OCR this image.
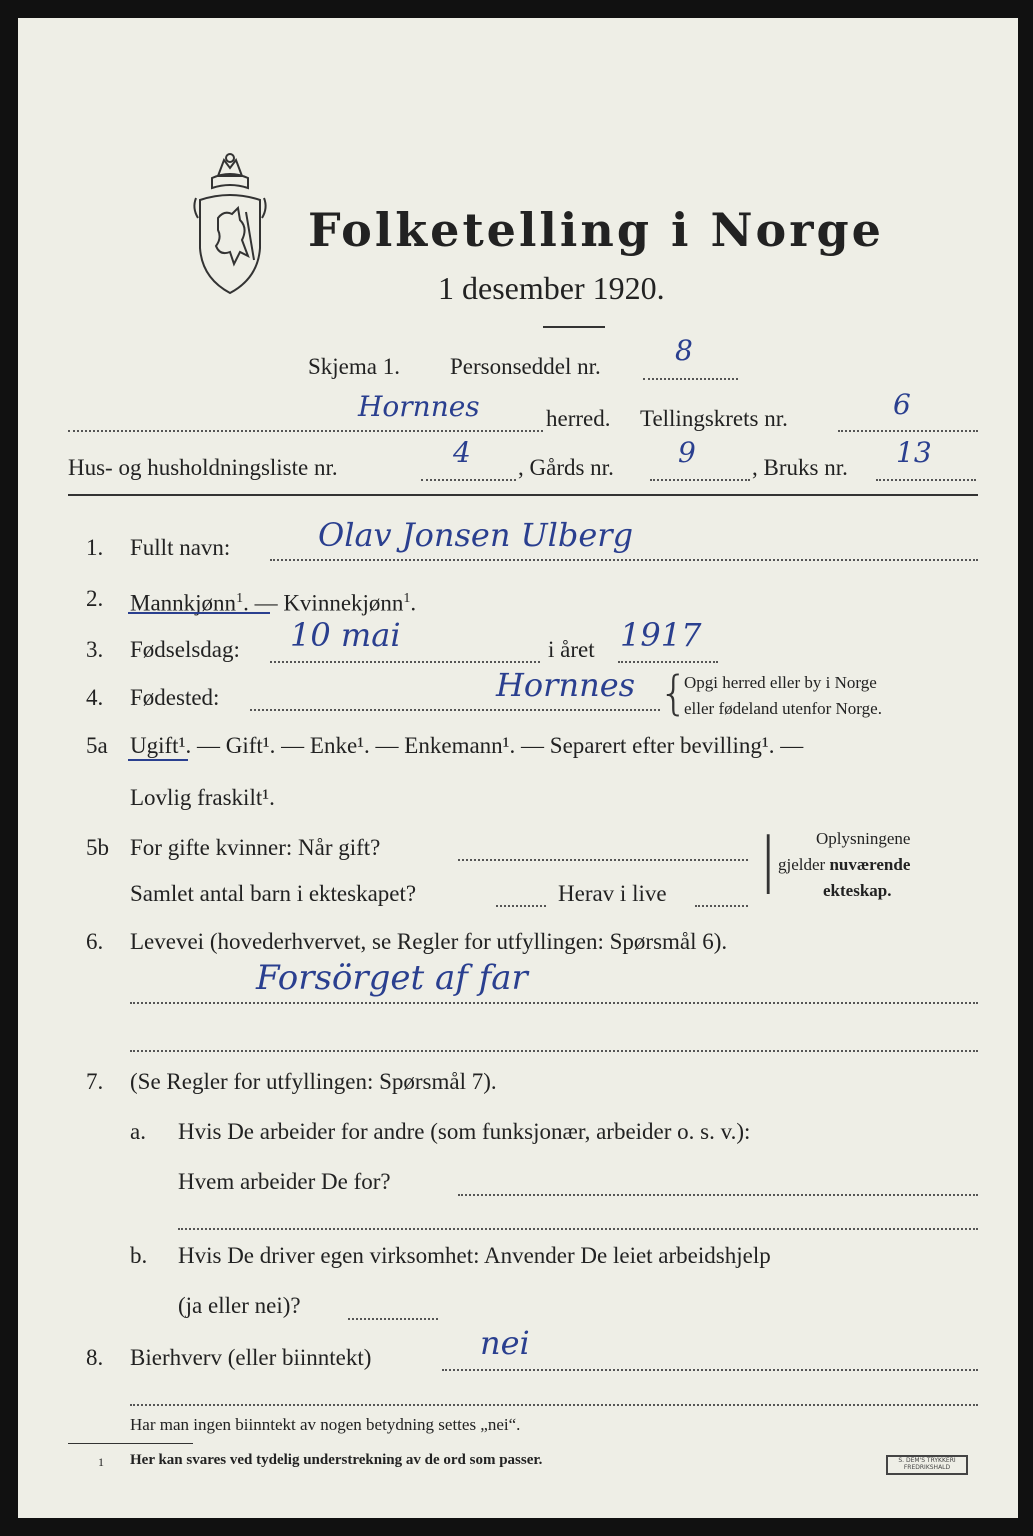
Folketelling i Norge
1 desember 1920.
Skjema 1. Personseddel nr.	8
Hornnes	herred. Tellingskrets nr.	6
Hus- og husholdningsliste nr.	4 , Gårds nr. 9 , Bruks nr. 13
1. Fullt navn:	Olav Jonsen Ulberg
2. Mannkjønn$^1$. — Kvinnekjønn$^1$.
3. Fødselsdag: 10 mai	i året 1917
4. Fødested:	Hornnes {
Opgi herred eller by i Norge
eller fødeland utenfor Norge.
5a Ugift¹. — Gift¹. — Enke¹. — Enkemann¹. — Separert efter bevilling¹. —
Lovlig fraskilt¹.
5b For gifte kvinner: Når gift?
Samlet antal barn i ekteskapet?	Herav i live | Oplysningene
gjelder nuværende
ekteskap.
6. Levevei (hovederhvervet, se Regler for utfyllingen: Spørsmål 6).
Forsörget af far
7. (Se Regler for utfyllingen: Spørsmål 7).
a. Hvis De arbeider for andre (som funksjonær, arbeider o. s. v.):
Hvem arbeider De for?
b. Hvis De driver egen virksomhet: Anvender De leiet arbeidshjelp
(ja eller nei)?
8. Bierhverv (eller biinntekt)	nei
Har man ingen biinntekt av nogen betydning settes „nei“.
1 Her kan svares ved tydelig understrekning av de ord som passer.	S. DEM'S TRYKKERI FREDRIKSHALD
